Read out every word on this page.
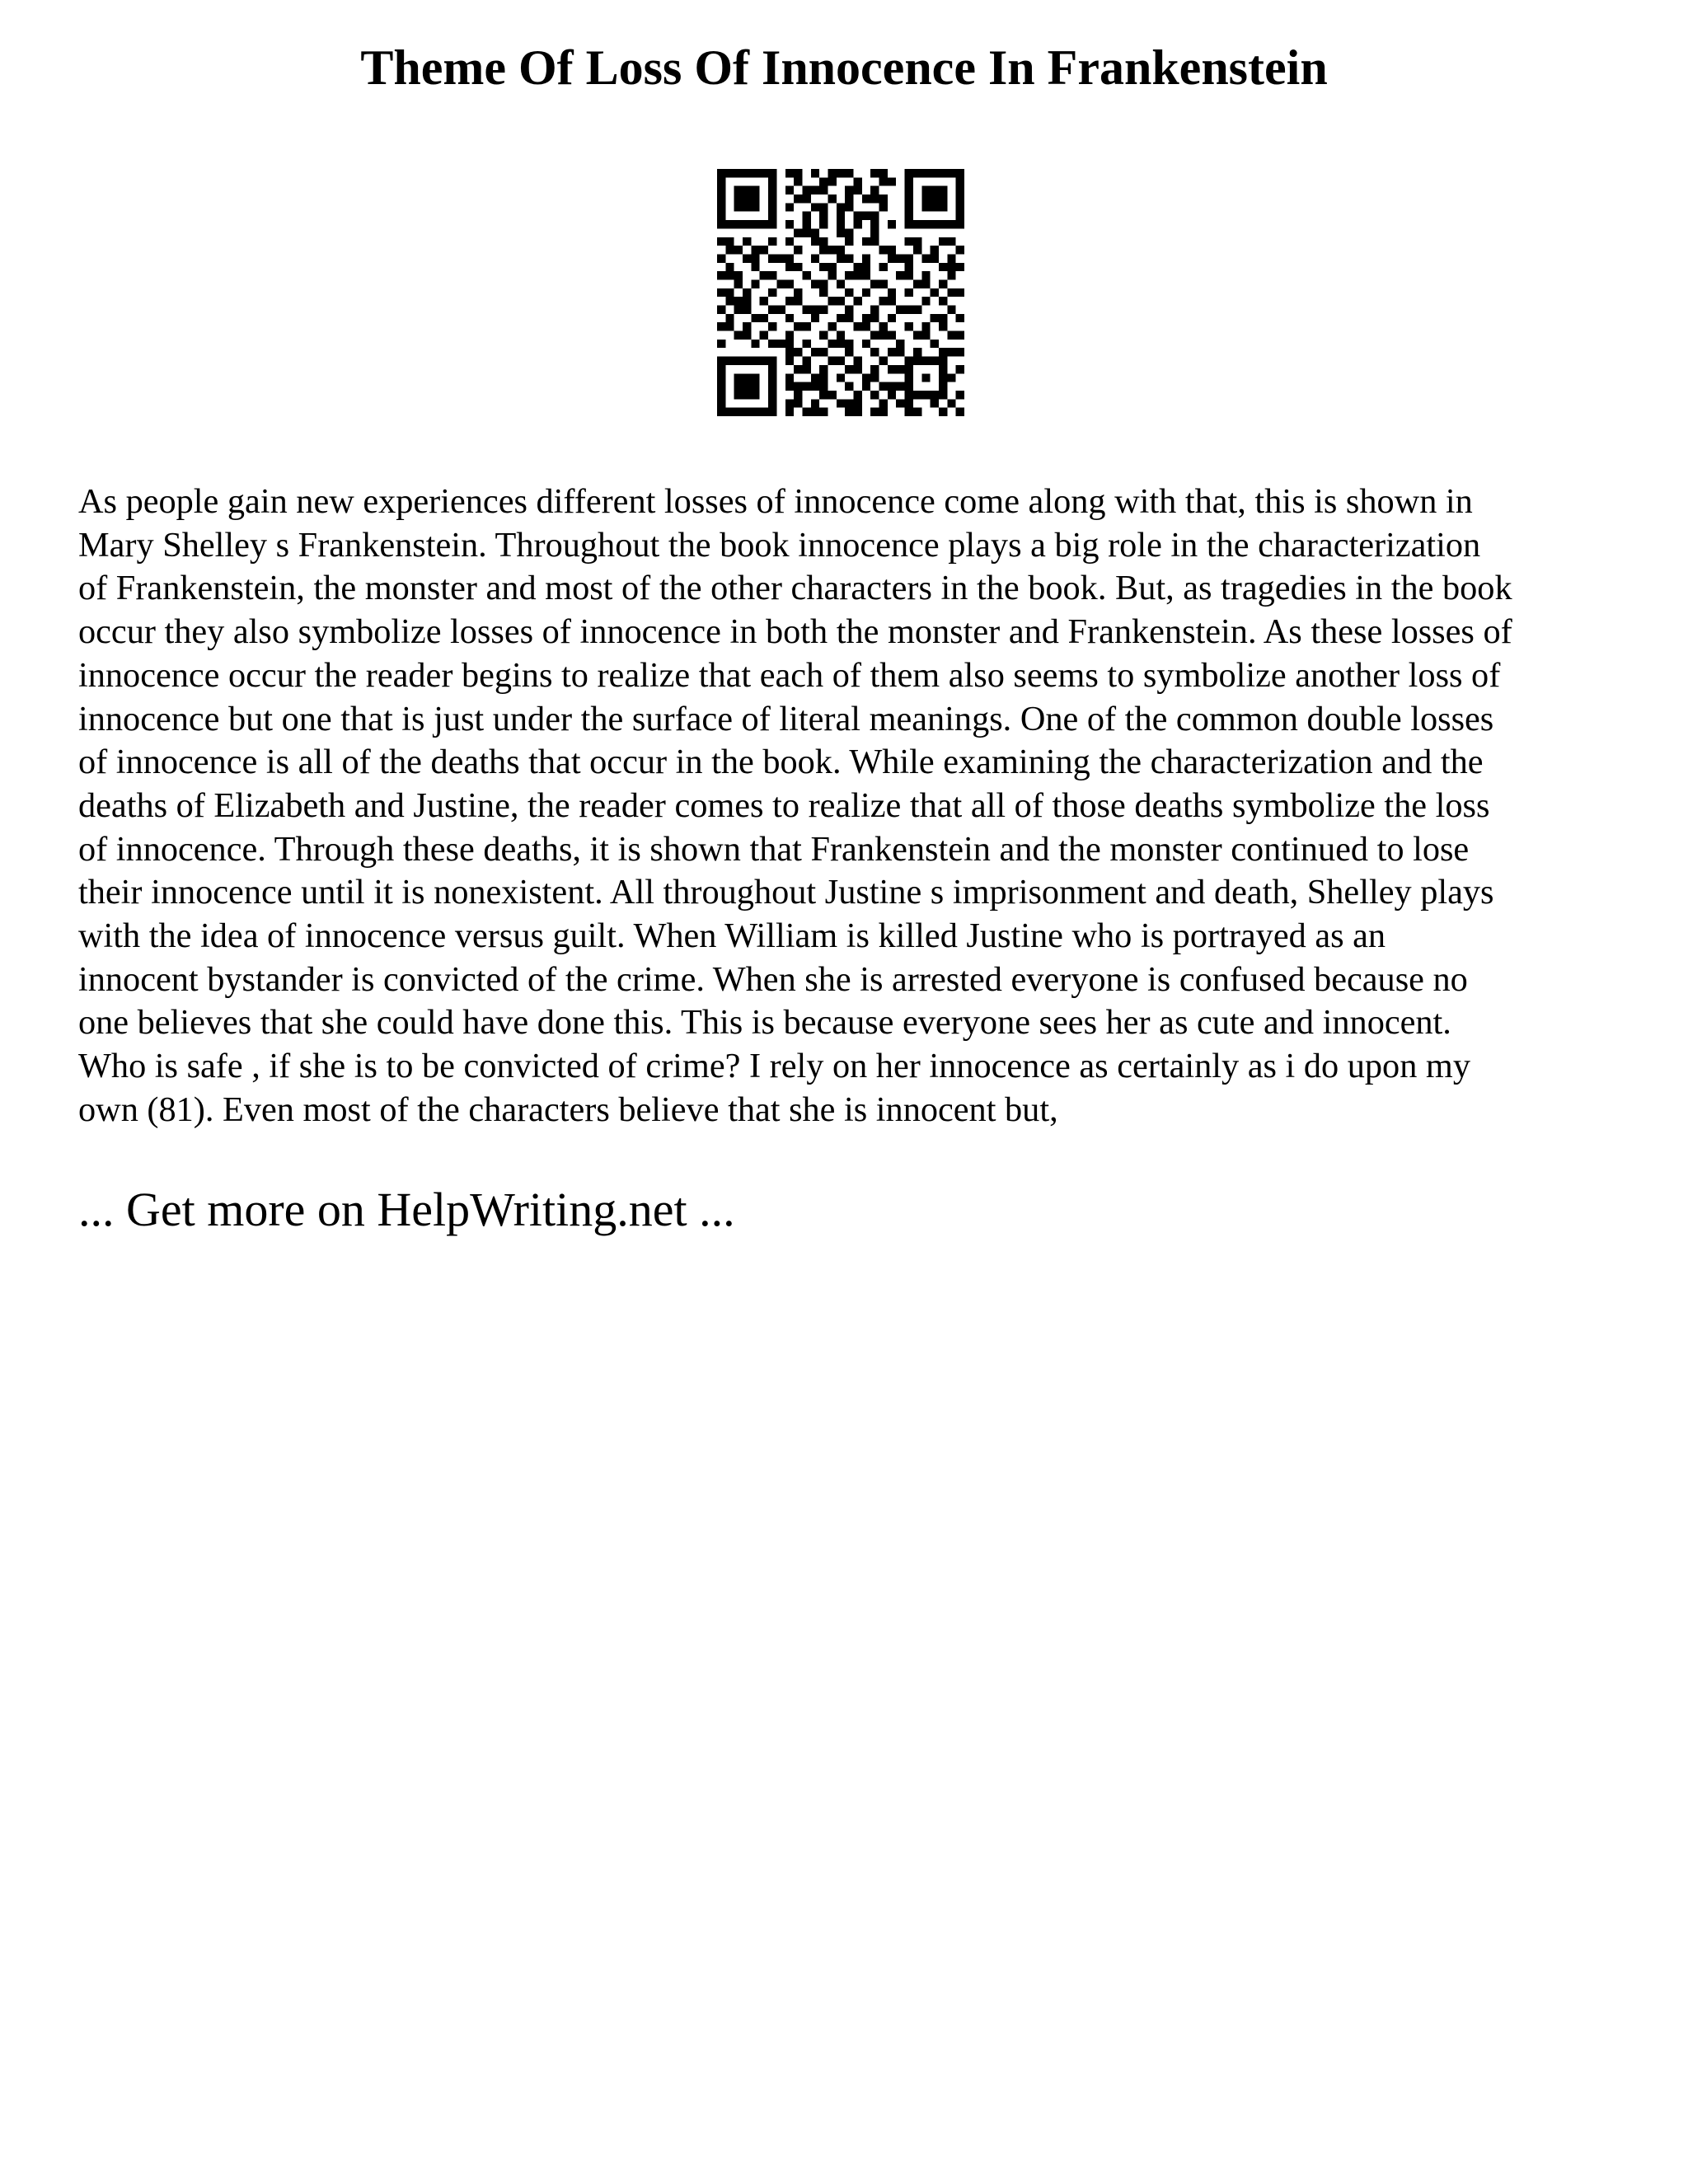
Theme Of Loss Of Innocence In Frankenstein
As people gain new experiences different losses of innocence come along with that, this is shown in
Mary Shelley s Frankenstein. Throughout the book innocence plays a big role in the characterization
of Frankenstein, the monster and most of the other characters in the book. But, as tragedies in the book
occur they also symbolize losses of innocence in both the monster and Frankenstein. As these losses of
innocence occur the reader begins to realize that each of them also seems to symbolize another loss of
innocence but one that is just under the surface of literal meanings. One of the common double losses
of innocence is all of the deaths that occur in the book. While examining the characterization and the
deaths of Elizabeth and Justine, the reader comes to realize that all of those deaths symbolize the loss
of innocence. Through these deaths, it is shown that Frankenstein and the monster continued to lose
their innocence until it is nonexistent. All throughout Justine s imprisonment and death, Shelley plays
with the idea of innocence versus guilt. When William is killed Justine who is portrayed as an
innocent bystander is convicted of the crime. When she is arrested everyone is confused because no
one believes that she could have done this. This is because everyone sees her as cute and innocent.
Who is safe , if she is to be convicted of crime? I rely on her innocence as certainly as i do upon my
own (81). Even most of the characters believe that she is innocent but,
... Get more on HelpWriting.net ...
